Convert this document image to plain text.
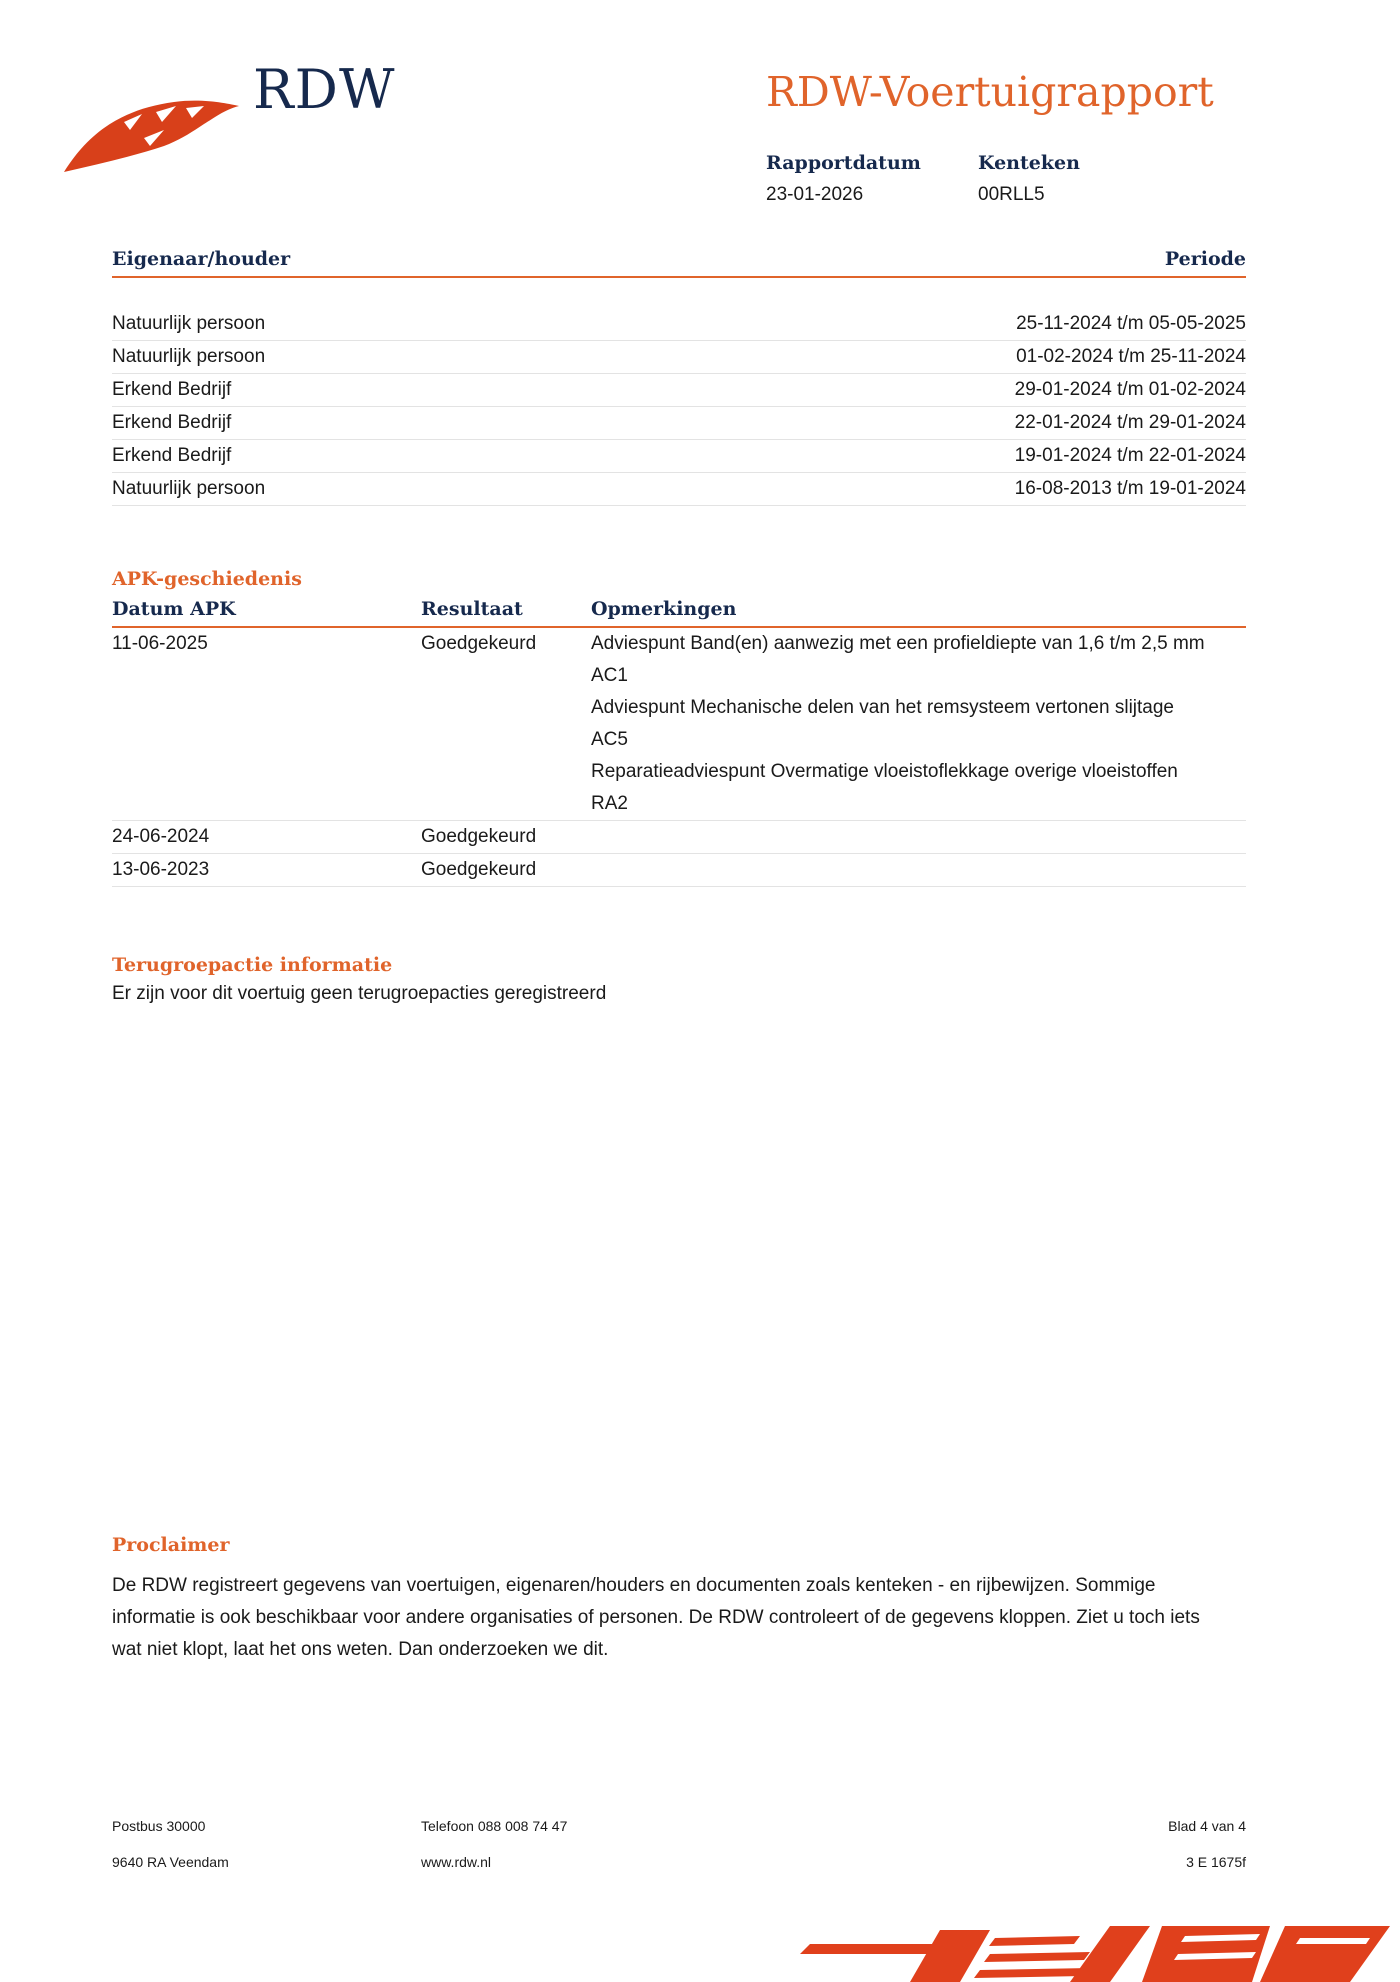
RDW	RDW-Voertuigrapport
Rapportdatum
23-01-2026
Kenteken
00RLL5
Eigenaar/houder	Periode
Natuurlijk persoon	25-11-2024 t/m 05-05-2025
Natuurlijk persoon	01-02-2024 t/m 25-11-2024
Erkend Bedrijf	29-01-2024 t/m 01-02-2024
Erkend Bedrijf	22-01-2024 t/m 29-01-2024
Erkend Bedrijf	19-01-2024 t/m 22-01-2024
Natuurlijk persoon	16-08-2013 t/m 19-01-2024
APK-geschiedenis
Datum APK	Resultaat	Opmerkingen
11-06-2025	Goedgekeurd	Adviespunt Band(en) aanwezig met een profieldiepte van 1,6 t/m 2,5 mm AC1
Adviespunt Mechanische delen van het remsysteem vertonen slijtage AC5
Reparatieadviespunt Overmatige vloeistoflekkage overige vloeistoffen RA2
24-06-2024	Goedgekeurd
13-06-2023	Goedgekeurd
Terugroepactie informatie
Er zijn voor dit voertuig geen terugroepacties geregistreerd
Proclaimer
De RDW registreert gegevens van voertuigen, eigenaren/houders en documenten zoals kenteken - en rijbewijzen. Sommige informatie is ook beschikbaar voor andere organisaties of personen. De RDW controleert of de gegevens kloppen. Ziet u toch iets wat niet klopt, laat het ons weten. Dan onderzoeken we dit.
Postbus 30000
9640 RA Veendam
Telefoon 088 008 74 47
www.rdw.nl
Blad 4 van 4
3 E 1675f
